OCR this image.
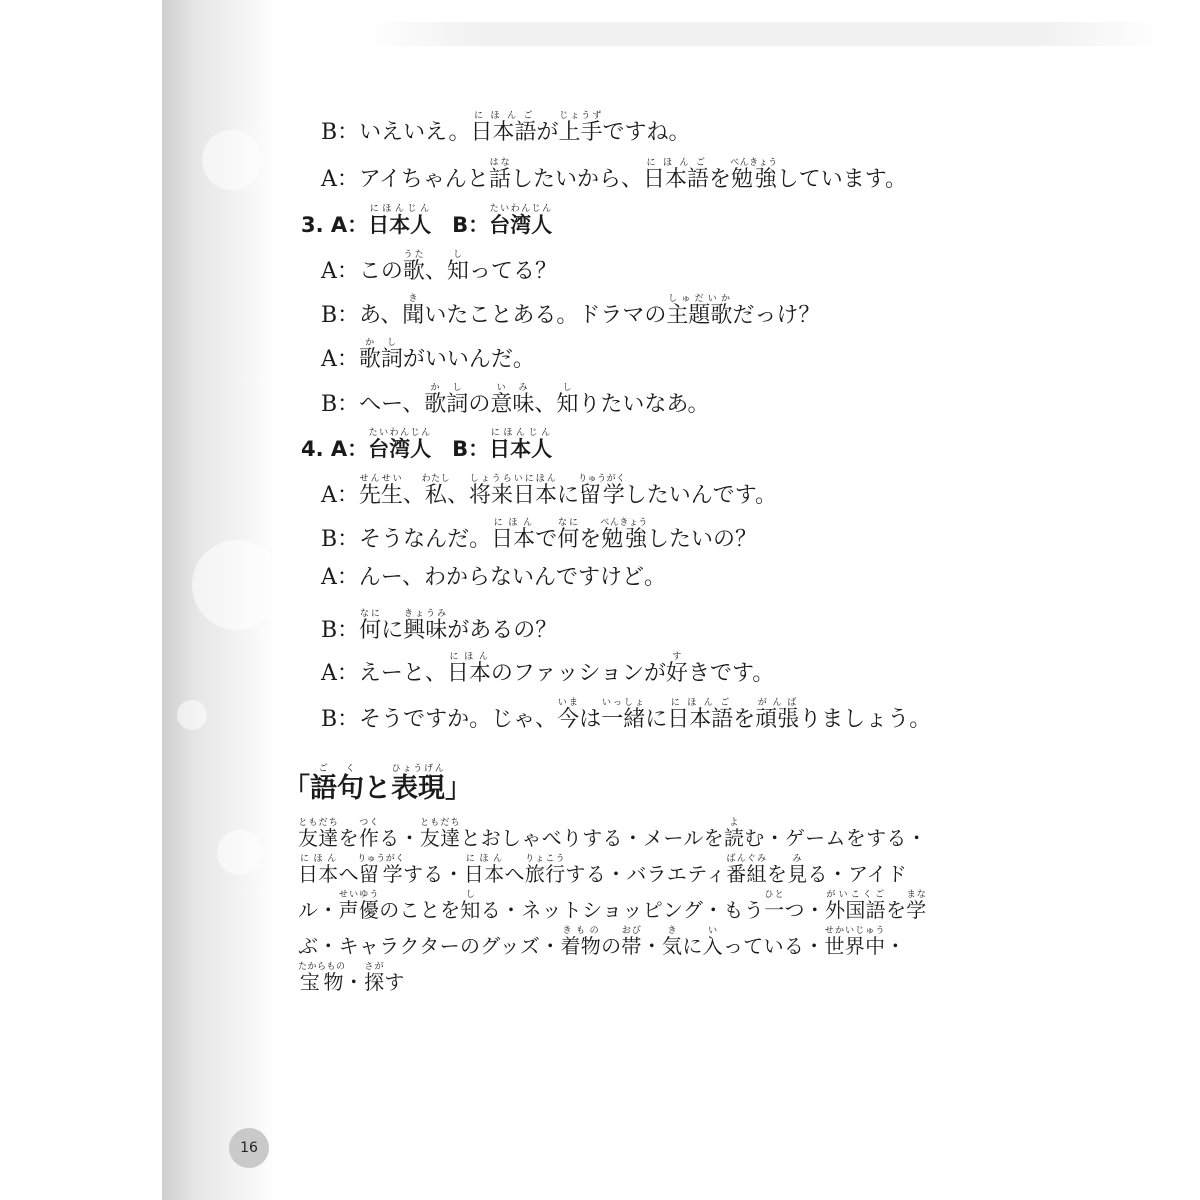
B：いえいえ。日本語にほんごが上手じょうずですね。
A：アイちゃんと話はなしたいから、日本語にほんごを勉強べんきょうしています。
3. A：日本人にほんじん　B：台湾人たいわんじん
A：この歌うた、知しってる？
B：あ、聞きいたことある。ドラマの主題歌しゅだいかだっけ？
A：歌詞かしがいいんだ。
B：へー、歌詞かしの意味いみ、知しりたいなあ。
4. A：台湾人たいわんじん　B：日本人にほんじん
A：先生せんせい、私わたし、将来日本しょうらいにほんに留学りゅうがくしたいんです。
B：そうなんだ。日本にほんで何なにを勉強べんきょうしたいの？
A：んー、わからないんですけど。
B：何なにに興味きょうみがあるの？
A：えーと、日本にほんのファッションが好すきです。
B：そうですか。じゃ、今いまは一緒いっしょに日本語にほんごを頑張がんばりましょう。
「語句ごくと表現ひょうげん」
友達ともだちを作つくる・友達ともだちとおしゃべりする・メールを読よむ・ゲームをする・日本にほんへ留学りゅうがくする・日本にほんへ旅行りょこうする・バラエティ番組ばんぐみを見みる・アイドル・声優せいゆうのことを知しる・ネットショッピング・もう一ひとつ・外国語がいこくごを学まなぶ・キャラクターのグッズ・着物きものの帯おび・気きに入いっている・世界中せかいじゅう・宝物たからもの・探さがす
16
